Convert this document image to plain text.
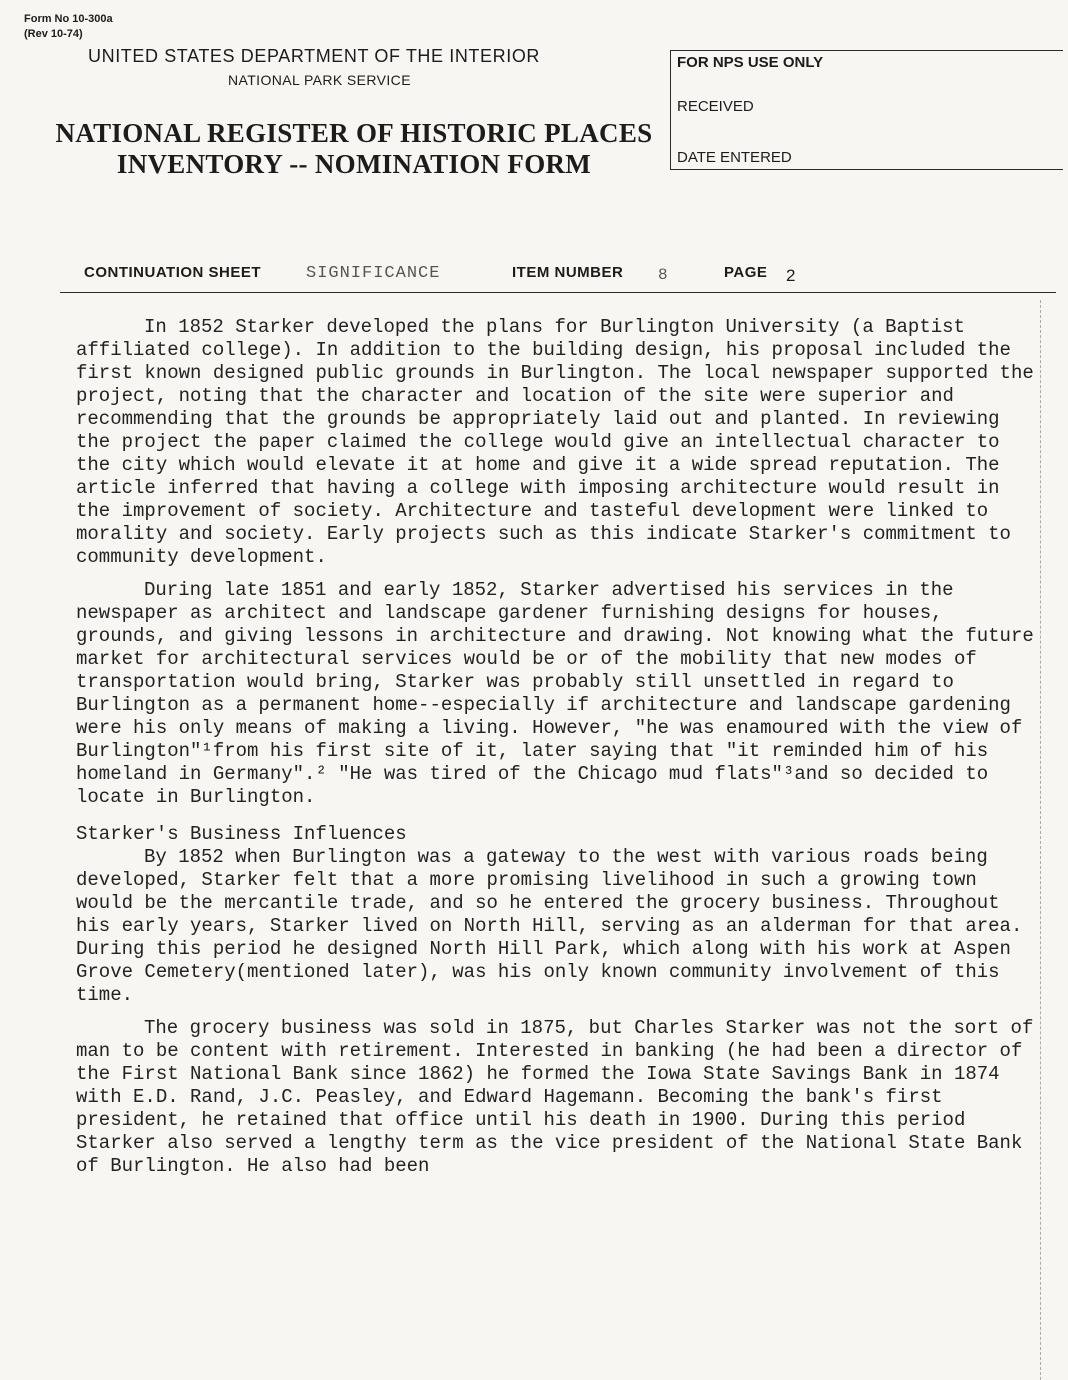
Form No 10-300a
(Rev 10-74)
UNITED STATES DEPARTMENT OF THE INTERIOR
NATIONAL PARK SERVICE
NATIONAL REGISTER OF HISTORIC PLACES
INVENTORY -- NOMINATION FORM
FOR NPS USE ONLY
RECEIVED
DATE ENTERED
CONTINUATION SHEET	SIGNIFICANCE	ITEM NUMBER 8	PAGE 2

In 1852 Starker developed the plans for Burlington University (a Baptist affiliated college). In addition to the building design, his proposal included the first known designed public grounds in Burlington. The local newspaper supported the project, noting that the character and location of the site were superior and recommending that the grounds be appropriately laid out and planted. In reviewing the project the paper claimed the college would give an intellectual character to the city which would elevate it at home and give it a wide spread reputation. The article inferred that having a college with imposing architecture would result in the improvement of society. Architecture and tasteful development were linked to morality and society. Early projects such as this indicate Starker's commitment to community development.

During late 1851 and early 1852, Starker advertised his services in the newspaper as architect and landscape gardener furnishing designs for houses, grounds, and giving lessons in architecture and drawing. Not knowing what the future market for architectural services would be or of the mobility that new modes of transportation would bring, Starker was probably still unsettled in regard to Burlington as a permanent home--especially if architecture and landscape gardening were his only means of making a living. However, "he was enamoured with the view of Burlington"¹from his first site of it, later saying that "it reminded him of his homeland in Germany".² "He was tired of the Chicago mud flats"³and so decided to locate in Burlington.

Starker's Business Influences

By 1852 when Burlington was a gateway to the west with various roads being developed, Starker felt that a more promising livelihood in such a growing town would be the mercantile trade, and so he entered the grocery business. Throughout his early years, Starker lived on North Hill, serving as an alderman for that area. During this period he designed North Hill Park, which along with his work at Aspen Grove Cemetery(mentioned later), was his only known community involvement of this time.

The grocery business was sold in 1875, but Charles Starker was not the sort of man to be content with retirement. Interested in banking (he had been a director of the First National Bank since 1862) he formed the Iowa State Savings Bank in 1874 with E.D. Rand, J.C. Peasley, and Edward Hagemann. Becoming the bank's first president, he retained that office until his death in 1900. During this period Starker also served a lengthy term as the vice president of the National State Bank of Burlington. He also had been
